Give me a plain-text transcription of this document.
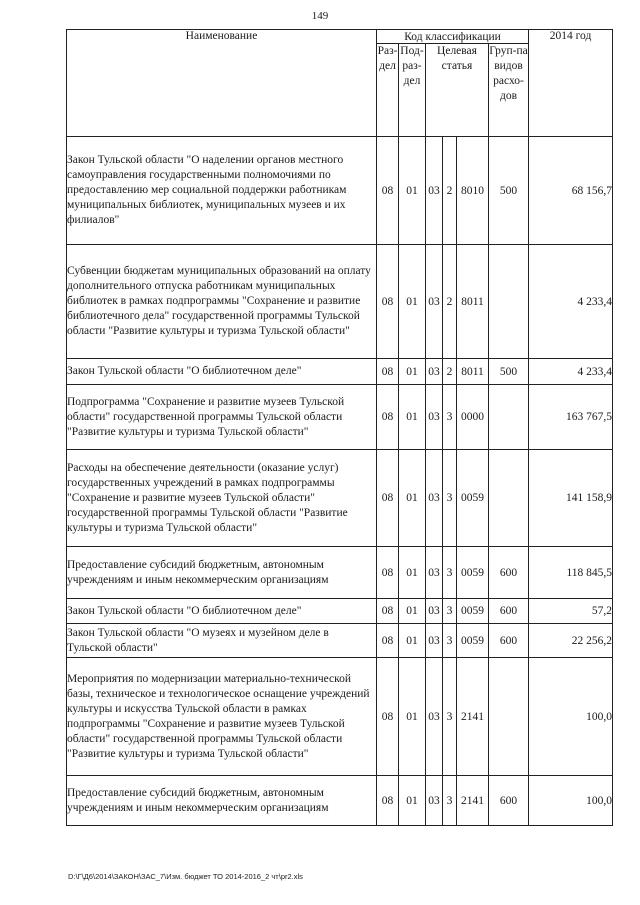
149
Наименование	Код классификации						2014 год
	Раз-дел	Под-раз-дел	Целевая статья			Груп-па видов расхо-дов	
Закон Тульской области "О наделении органов местного самоуправления государственными полномочиями по предоставлению мер социальной поддержки работникам муниципальных библиотек, муниципальных музеев и их филиалов"	08	01	03	2	8010	500	68 156,7
Субвенции бюджетам муниципальных образований на оплату дополнительного отпуска работникам муниципальных библиотек в рамках подпрограммы "Сохранение и развитие библиотечного дела" государственной программы Тульской области "Развитие культуры и туризма Тульской области"	08	01	03	2	8011		4 233,4
Закон Тульской области "О библиотечном деле"	08	01	03	2	8011	500	4 233,4
Подпрограмма "Сохранение и развитие музеев Тульской области" государственной программы Тульской области "Развитие культуры и туризма Тульской области"	08	01	03	3	0000		163 767,5
Расходы на обеспечение деятельности (оказание услуг) государственных учреждений в рамках подпрограммы "Сохранение и развитие музеев Тульской области" государственной программы Тульской области "Развитие культуры и туризма Тульской области"	08	01	03	3	0059		141 158,9
Предоставление субсидий бюджетным, автономным учреждениям и иным некоммерческим организациям	08	01	03	3	0059	600	118 845,5
Закон Тульской области "О библиотечном деле"	08	01	03	3	0059	600	57,2
Закон Тульской области "О музеях и музейном деле в Тульской области"	08	01	03	3	0059	600	22 256,2
Мероприятия по модернизации материально-технической базы, техническое и технологическое оснащение учреждений культуры и искусства Тульской области в рамках подпрограммы "Сохранение и развитие музеев Тульской области" государственной программы Тульской области "Развитие культуры и туризма Тульской области"	08	01	03	3	2141		100,0
Предоставление субсидий бюджетным, автономным учреждениям и иным некоммерческим организациям	08	01	03	3	2141	600	100,0
D:\Г\Д6\2014\ЗАКОН\ЗАС_7\Изм. бюджет ТО 2014-2016_2 чт\pr2.xls
